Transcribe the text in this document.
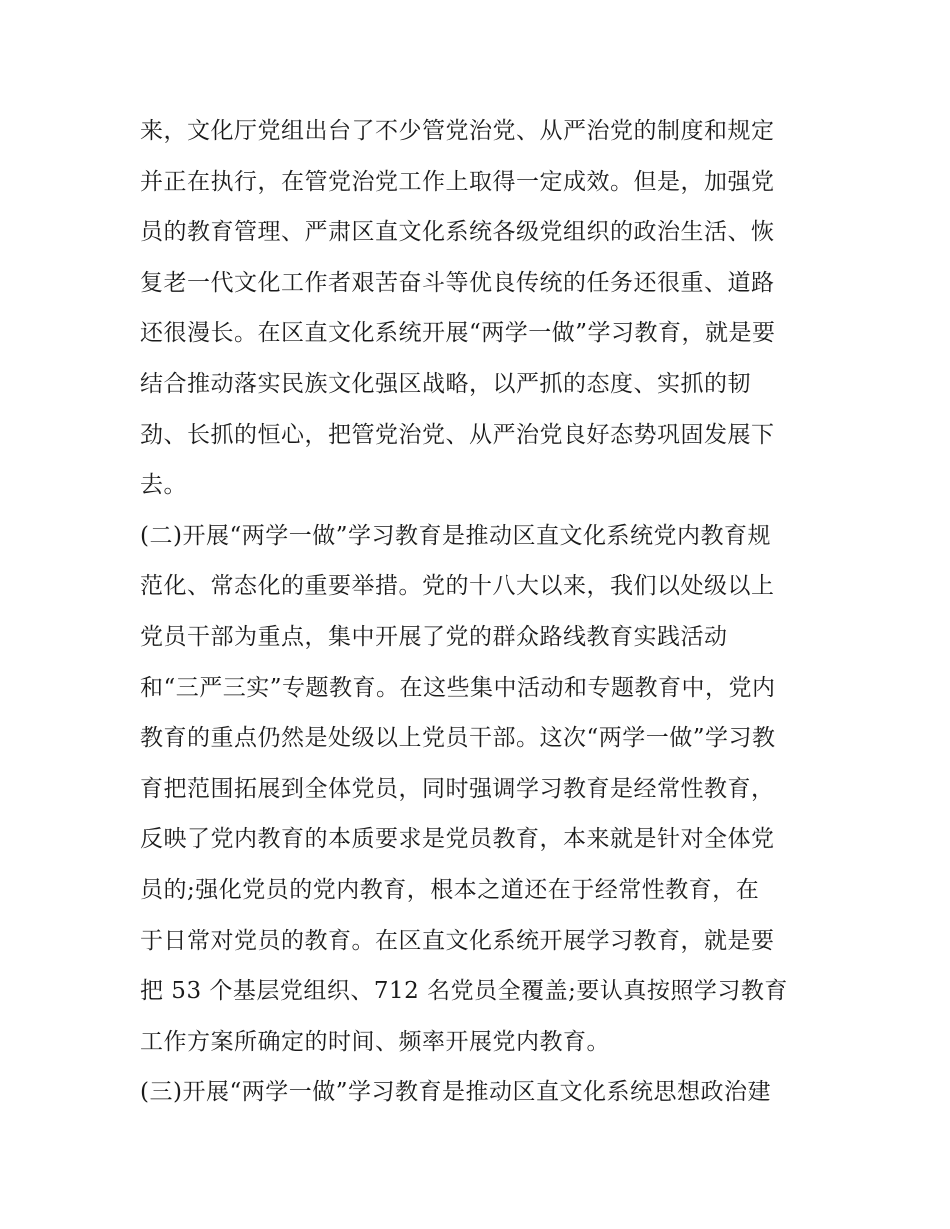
来，文化厅党组出台了不少管党治党、从严治党的制度和规定
并正在执行，在管党治党工作上取得一定成效。但是，加强党
员的教育管理、严肃区直文化系统各级党组织的政治生活、恢
复老一代文化工作者艰苦奋斗等优良传统的任务还很重、道路
还很漫长。在区直文化系统开展“两学一做”学习教育，就是要
结合推动落实民族文化强区战略，以严抓的态度、实抓的韧
劲、长抓的恒心，把管党治党、从严治党良好态势巩固发展下
去。
(二)开展“两学一做”学习教育是推动区直文化系统党内教育规
范化、常态化的重要举措。党的十八大以来，我们以处级以上
党员干部为重点，集中开展了党的群众路线教育实践活动
和“三严三实”专题教育。在这些集中活动和专题教育中，党内
教育的重点仍然是处级以上党员干部。这次“两学一做”学习教
育把范围拓展到全体党员，同时强调学习教育是经常性教育，
反映了党内教育的本质要求是党员教育，本来就是针对全体党
员的;强化党员的党内教育，根本之道还在于经常性教育，在
于日常对党员的教育。在区直文化系统开展学习教育，就是要
把 53 个基层党组织、712 名党员全覆盖;要认真按照学习教育
工作方案所确定的时间、频率开展党内教育。
(三)开展“两学一做”学习教育是推动区直文化系统思想政治建
